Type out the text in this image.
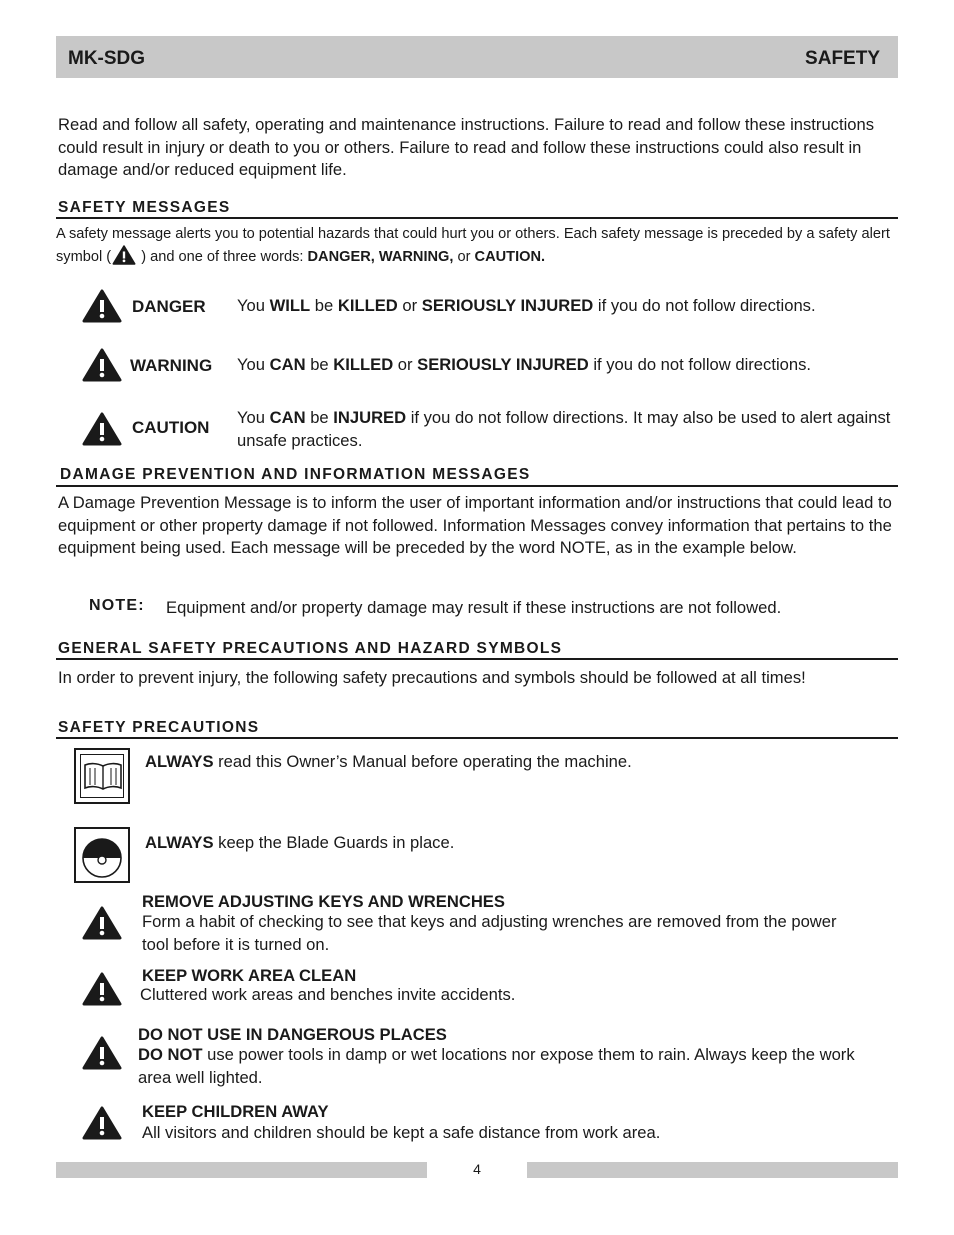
MK-SDG	SAFETY
Read and follow all safety, operating and maintenance instructions. Failure to read and follow these instructions could result in injury or death to you or others. Failure to read and follow these instructions could also result in damage and/or reduced equipment life.
SAFETY MESSAGES
A safety message alerts you to potential hazards that could hurt you or others. Each safety message is preceded by a safety alert symbol ( ) and one of three words: DANGER, WARNING, or CAUTION.
DANGER You WILL be KILLED or SERIOUSLY INJURED if you do not follow directions.
WARNING You CAN be KILLED or SERIOUSLY INJURED if you do not follow directions.
CAUTION
You CAN be INJURED if you do not follow directions. It may also be used to alert against unsafe practices.
DAMAGE PREVENTION AND INFORMATION MESSAGES
A Damage Prevention Message is to inform the user of important information and/or instructions that could lead to equipment or other property damage if not followed. Information Messages convey information that pertains to the equipment being used. Each message will be preceded by the word NOTE, as in the example below.
NOTE: Equipment and/or property damage may result if these instructions are not followed.
GENERAL SAFETY PRECAUTIONS AND HAZARD SYMBOLS
In order to prevent injury, the following safety precautions and symbols should be followed at all times!
SAFETY PRECAUTIONS
ALWAYS read this Owner’s Manual before operating the machine.
ALWAYS keep the Blade Guards in place.
REMOVE ADJUSTING KEYS AND WRENCHES
Form a habit of checking to see that keys and adjusting wrenches are removed from the power tool before it is turned on.
KEEP WORK AREA CLEAN
Cluttered work areas and benches invite accidents.
DO NOT USE IN DANGEROUS PLACES
DO NOT use power tools in damp or wet locations nor expose them to rain. Always keep the work area well lighted.
KEEP CHILDREN AWAY
All visitors and children should be kept a safe distance from work area.
4
